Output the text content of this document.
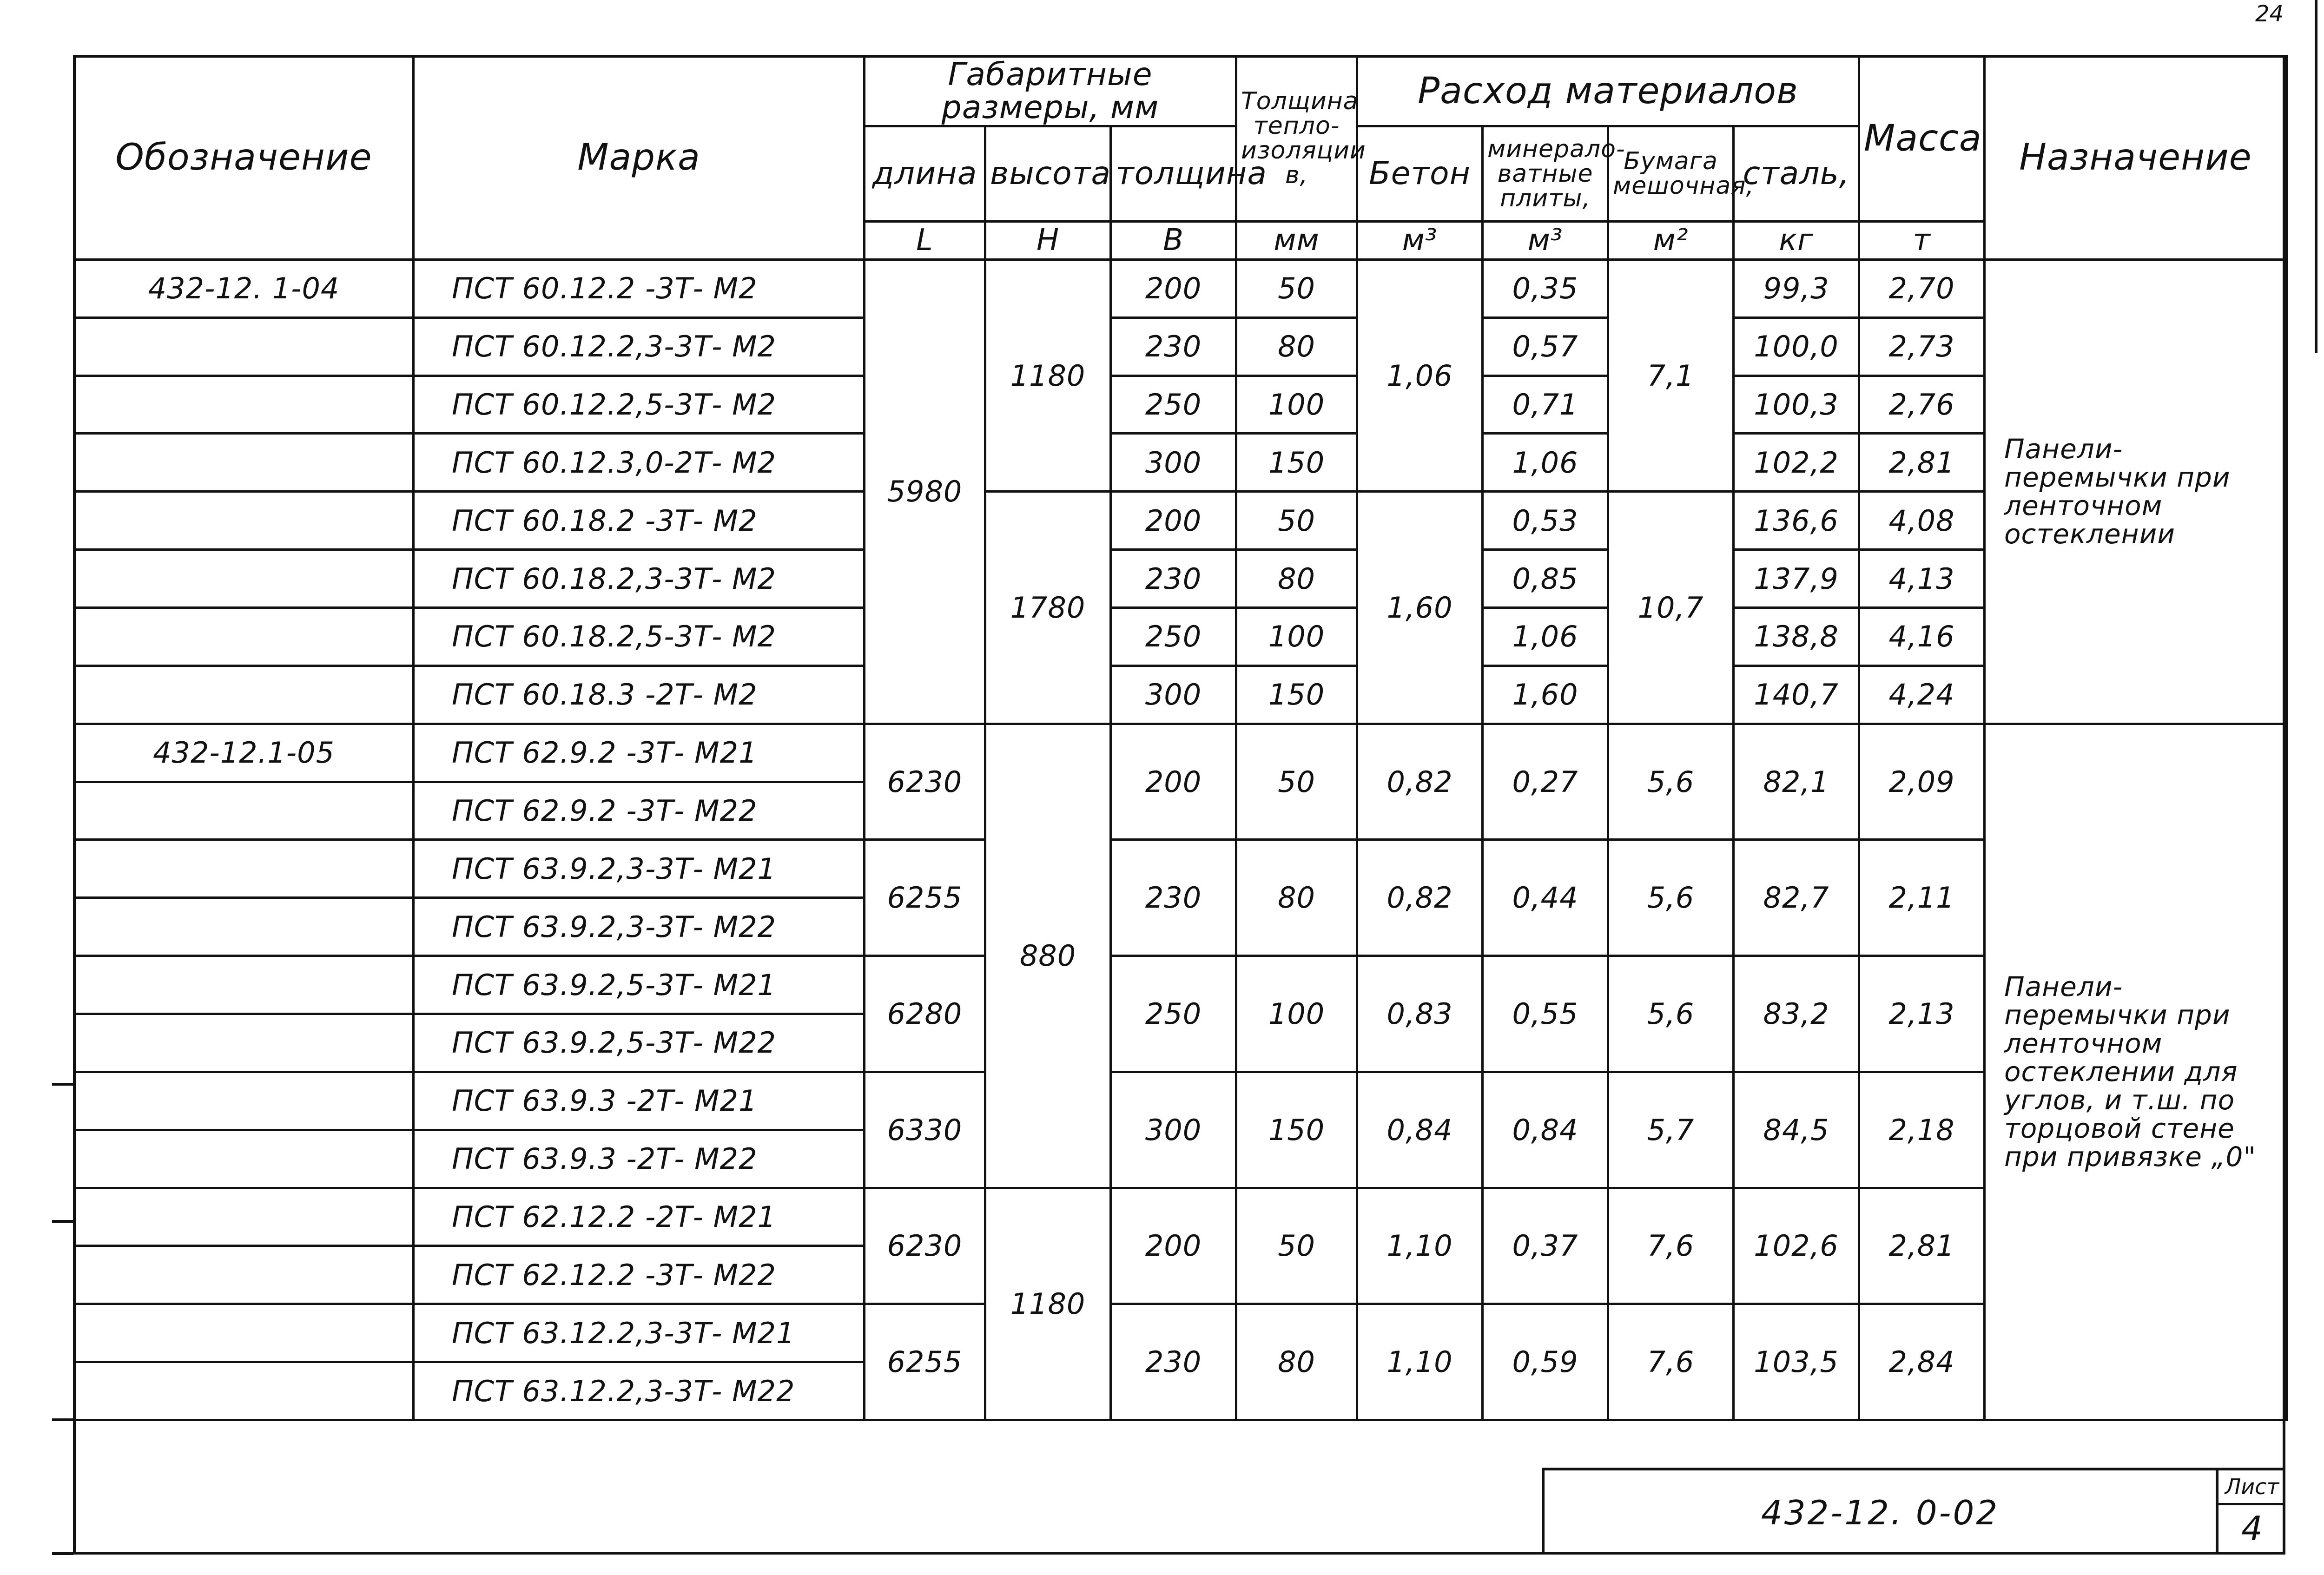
24
Обозначение	Марка	Габаритные размеры, мм			Толщина тепло-изоляции в,	Расход материалов				Масса	Назначение
		длина	высота	толщина		Бетон	минерало-ватные плиты,	Бумага мешочная,	сталь,		
		L	H	B	мм	м³	м³	м²	кг	т	
432-12. 1-04	ПСТ 60.12.2 -3Т- М2	5980	1180	200	50	1,06	0,35	7,1	99,3	2,70	Панели-перемычки при ленточном остеклении
	ПСТ 60.12.2,3-3Т- М2			230	80		0,57		100,0	2,73	
	ПСТ 60.12.2,5-3Т- М2			250	100		0,71		100,3	2,76	
	ПСТ 60.12.3,0-2Т- М2			300	150		1,06		102,2	2,81	
	ПСТ 60.18.2 -3Т- М2		1780	200	50	1,60	0,53	10,7	136,6	4,08	
	ПСТ 60.18.2,3-3Т- М2			230	80		0,85		137,9	4,13	
	ПСТ 60.18.2,5-3Т- М2			250	100		1,06		138,8	4,16	
	ПСТ 60.18.3 -2Т- М2			300	150		1,60		140,7	4,24	
432-12.1-05	ПСТ 62.9.2 -3Т- М21	6230	880	200	50	0,82	0,27	5,6	82,1	2,09	Панели-перемычки при ленточном остеклении для углов, и т.ш. по торцовой стене при привязке „0"
	ПСТ 62.9.2 -3Т- М22										
	ПСТ 63.9.2,3-3Т- М21	6255		230	80	0,82	0,44	5,6	82,7	2,11	
	ПСТ 63.9.2,3-3Т- М22										
	ПСТ 63.9.2,5-3Т- М21	6280		250	100	0,83	0,55	5,6	83,2	2,13	
	ПСТ 63.9.2,5-3Т- М22										
	ПСТ 63.9.3 -2Т- М21	6330		300	150	0,84	0,84	5,7	84,5	2,18	
	ПСТ 63.9.3 -2Т- М22										
	ПСТ 62.12.2 -2Т- М21	6230	1180	200	50	1,10	0,37	7,6	102,6	2,81	
	ПСТ 62.12.2 -3Т- М22										
	ПСТ 63.12.2,3-3Т- М21	6255		230	80	1,10	0,59	7,6	103,5	2,84	
	ПСТ 63.12.2,3-3Т- М22										
432-12. 0-02
Лист
4
